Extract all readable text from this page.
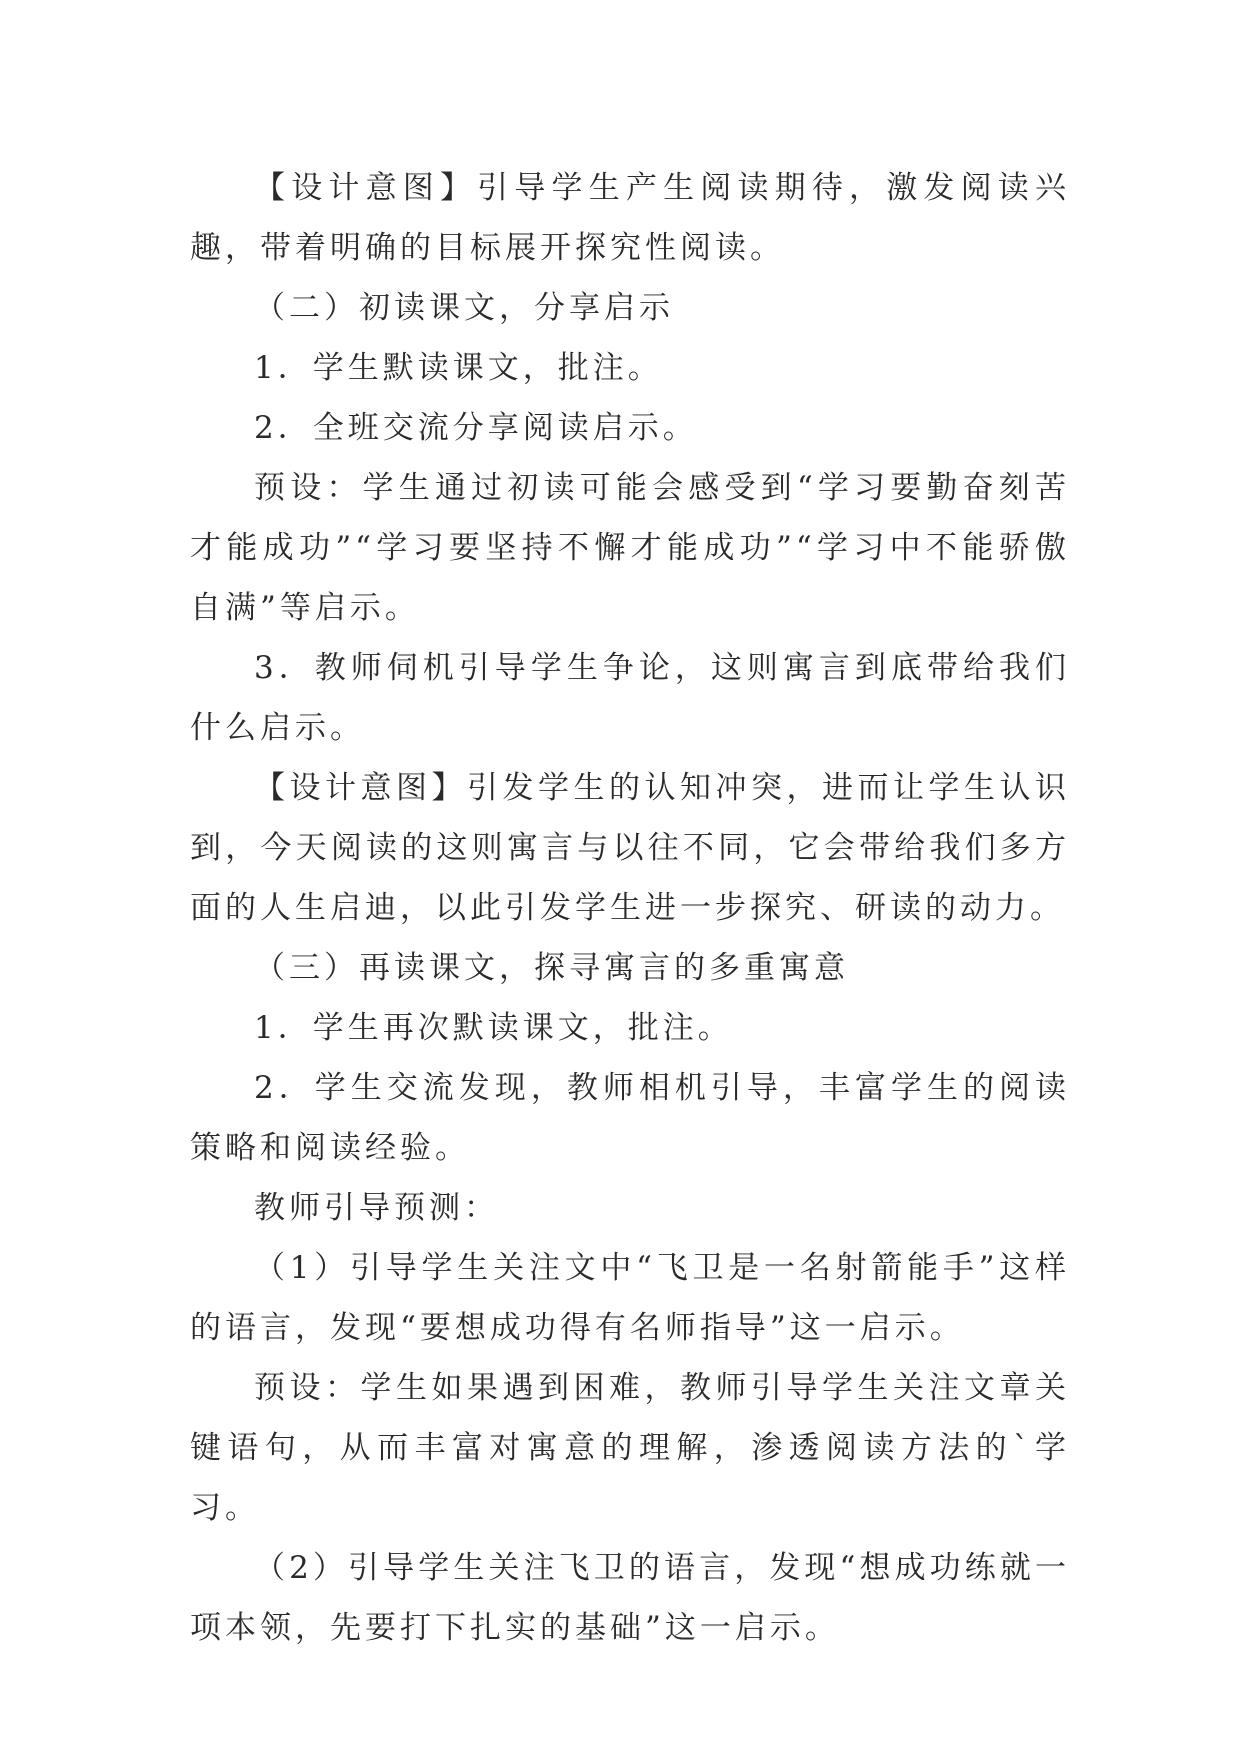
【设计意图】引导学生产生阅读期待，激发阅读兴趣，带着明确的目标展开探究性阅读。

（二）初读课文，分享启示

1．学生默读课文，批注。

2．全班交流分享阅读启示。

预设：学生通过初读可能会感受到“学习要勤奋刻苦才能成功”“学习要坚持不懈才能成功”“学习中不能骄傲自满”等启示。

3．教师伺机引导学生争论，这则寓言到底带给我们什么启示。

【设计意图】引发学生的认知冲突，进而让学生认识到，今天阅读的这则寓言与以往不同，它会带给我们多方面的人生启迪，以此引发学生进一步探究、研读的动力。

（三）再读课文，探寻寓言的多重寓意

1．学生再次默读课文，批注。

2．学生交流发现，教师相机引导，丰富学生的阅读策略和阅读经验。

教师引导预测：

（1）引导学生关注文中“飞卫是一名射箭能手”这样的语言，发现“要想成功得有名师指导”这一启示。

预设：学生如果遇到困难，教师引导学生关注文章关键语句，从而丰富对寓意的理解，渗透阅读方法的`学习。

（2）引导学生关注飞卫的语言，发现“想成功练就一项本领，先要打下扎实的基础”这一启示。
